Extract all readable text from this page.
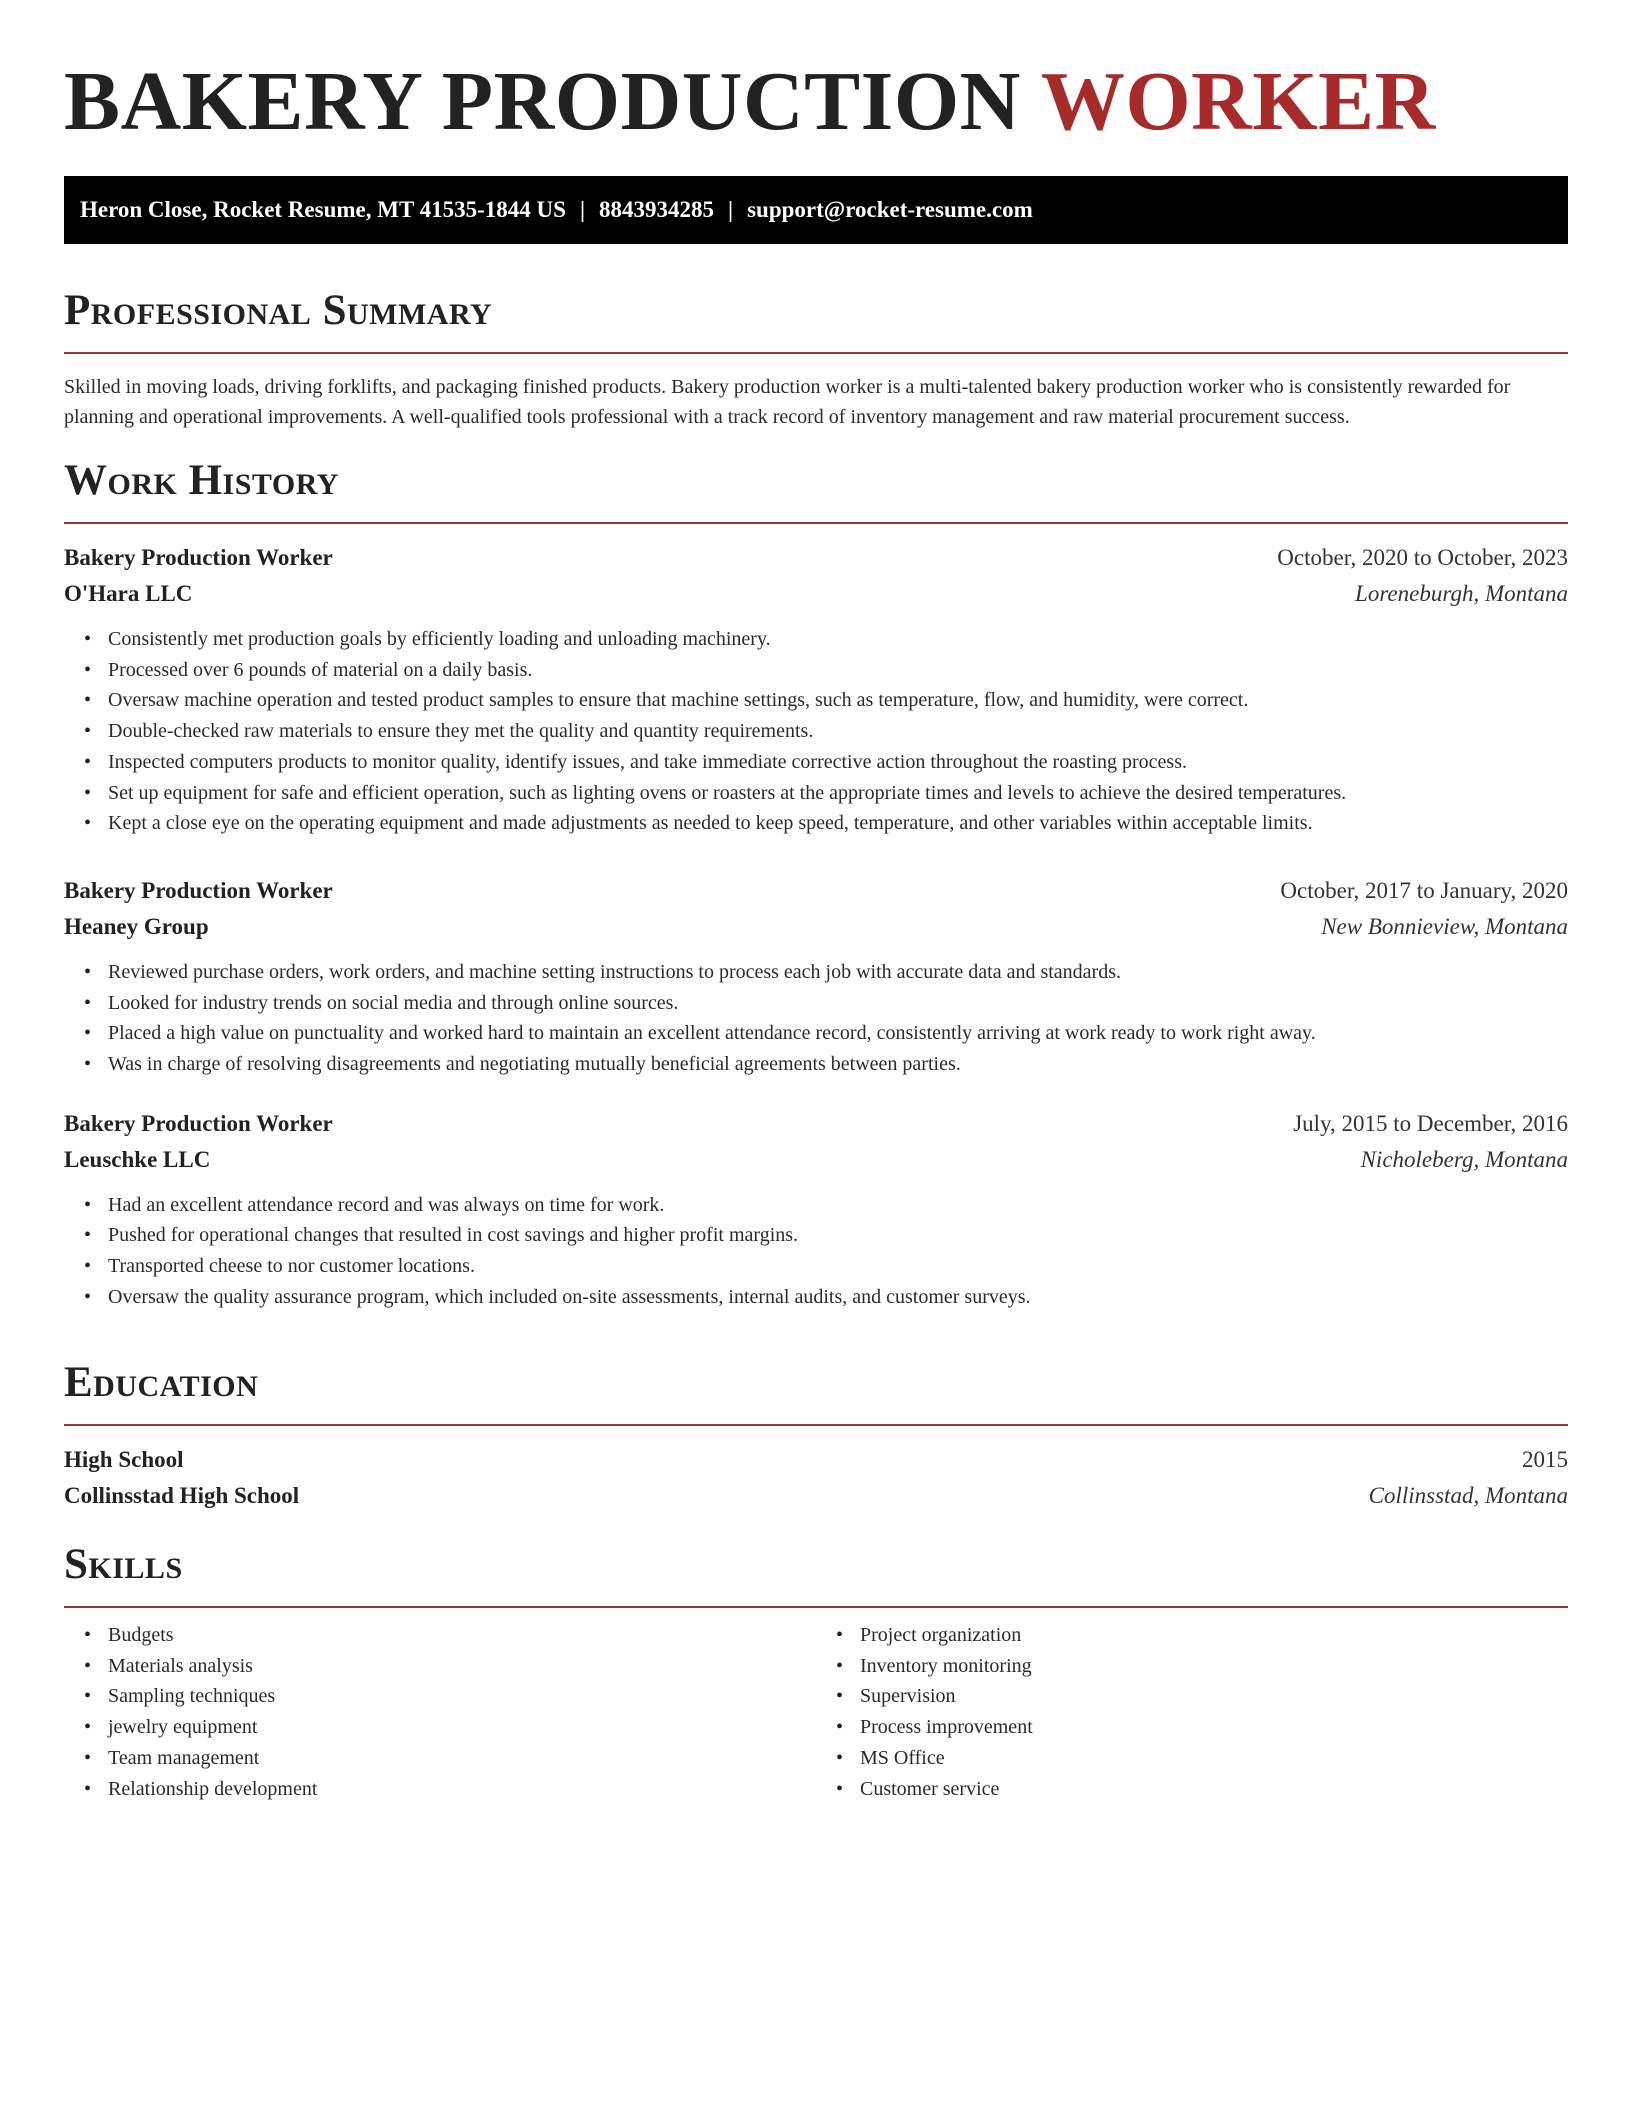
BAKERY PRODUCTION WORKER
Heron Close, Rocket Resume, MT 41535-1844 US | 8843934285 | support@rocket-resume.com
Professional Summary

Skilled in moving loads, driving forklifts, and packaging finished products. Bakery production worker is a multi-talented bakery production worker who is consistently rewarded for planning and operational improvements. A well-qualified tools professional with a track record of inventory management and raw material procurement success.

Work History
Bakery Production Worker	October, 2020 to October, 2023
O'Hara LLC	Loreneburgh, Montana
• Consistently met production goals by efficiently loading and unloading machinery.
• Processed over 6 pounds of material on a daily basis.
• Oversaw machine operation and tested product samples to ensure that machine settings, such as temperature, flow, and humidity, were correct.
• Double-checked raw materials to ensure they met the quality and quantity requirements.
• Inspected computers products to monitor quality, identify issues, and take immediate corrective action throughout the roasting process.
• Set up equipment for safe and efficient operation, such as lighting ovens or roasters at the appropriate times and levels to achieve the desired temperatures.
• Kept a close eye on the operating equipment and made adjustments as needed to keep speed, temperature, and other variables within acceptable limits.
Bakery Production Worker	October, 2017 to January, 2020
Heaney Group	New Bonnieview, Montana
• Reviewed purchase orders, work orders, and machine setting instructions to process each job with accurate data and standards.
• Looked for industry trends on social media and through online sources.
• Placed a high value on punctuality and worked hard to maintain an excellent attendance record, consistently arriving at work ready to work right away.
• Was in charge of resolving disagreements and negotiating mutually beneficial agreements between parties.
Bakery Production Worker	July, 2015 to December, 2016
Leuschke LLC	Nicholeberg, Montana
• Had an excellent attendance record and was always on time for work.
• Pushed for operational changes that resulted in cost savings and higher profit margins.
• Transported cheese to nor customer locations.
• Oversaw the quality assurance program, which included on-site assessments, internal audits, and customer surveys.
Education
High School	2015
Collinsstad High School	Collinsstad, Montana
Skills
• Budgets
• Materials analysis
• Sampling techniques
• jewelry equipment
• Team management
• Relationship development
• Project organization
• Inventory monitoring
• Supervision
• Process improvement
• MS Office
• Customer service
